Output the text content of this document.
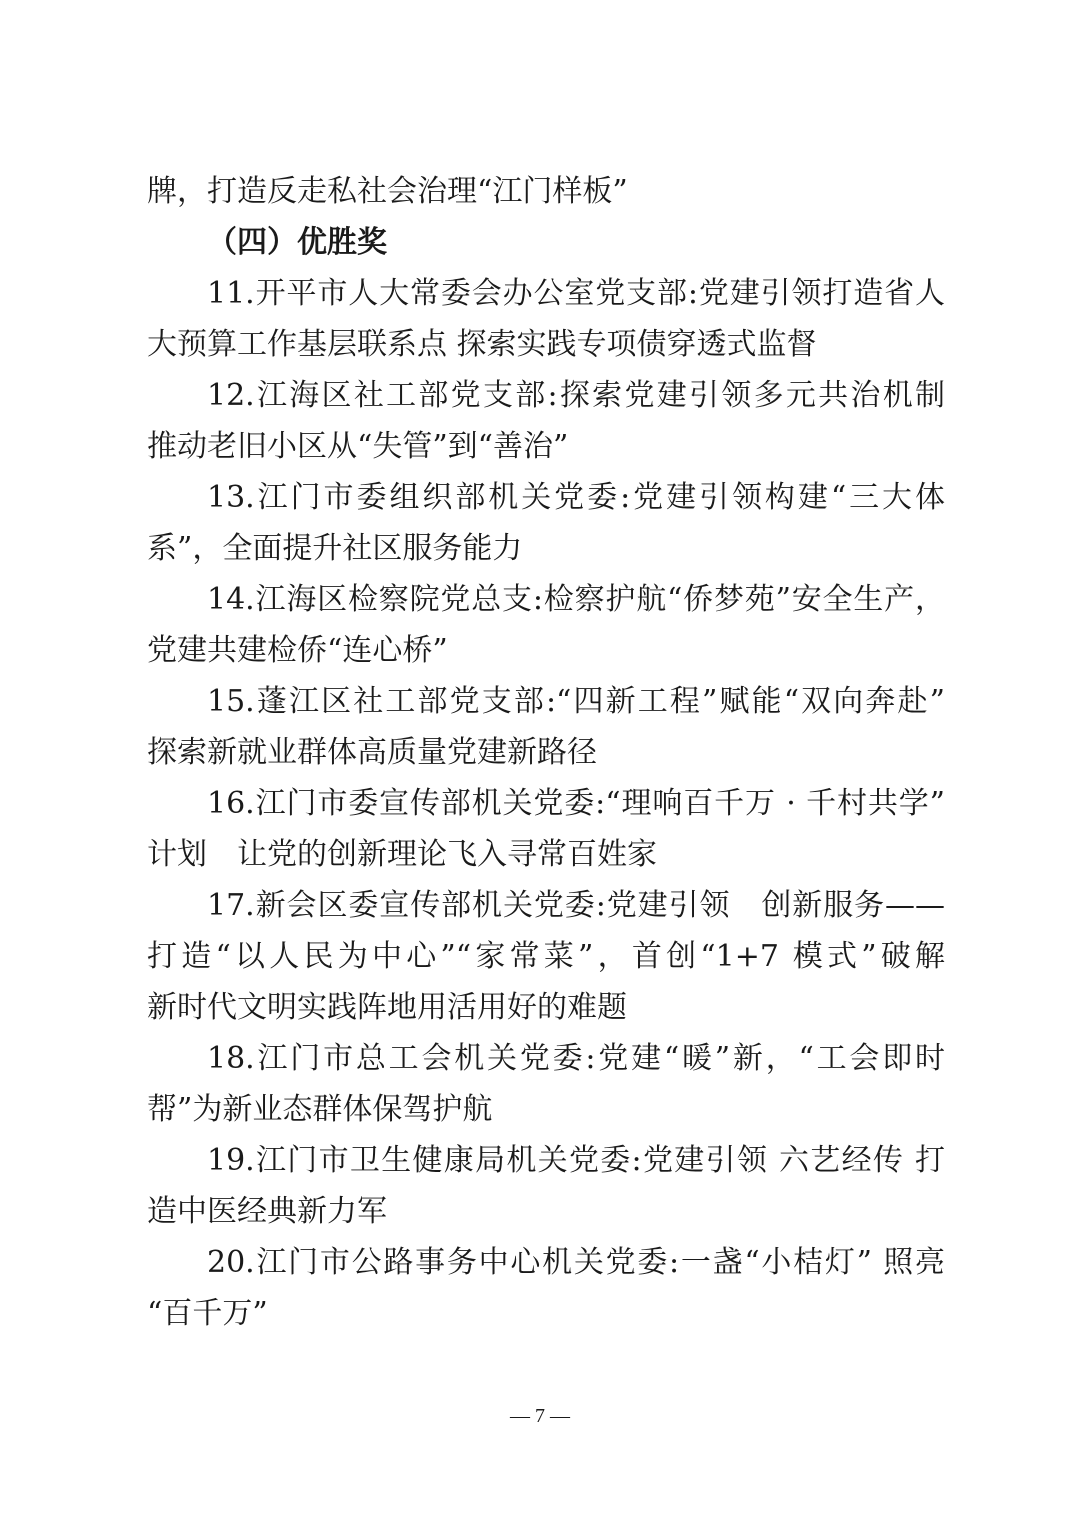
牌，打造反走私社会治理“江门样板”
（四）优胜奖
11.开平市人大常委会办公室党支部:党建引领打造省人
大预算工作基层联系点 探索实践专项债穿透式监督
12.江海区社工部党支部:探索党建引领多元共治机制
推动老旧小区从“失管”到“善治”
13.江门市委组织部机关党委:党建引领构建“三大体
系”，全面提升社区服务能力
14.江海区检察院党总支:检察护航“侨梦苑”安全生产，
党建共建检侨“连心桥”
15.蓬江区社工部党支部:“四新工程”赋能“双向奔赴”
探索新就业群体高质量党建新路径
16.江门市委宣传部机关党委:“理响百千万 · 千村共学”
计划　让党的创新理论飞入寻常百姓家
17.新会区委宣传部机关党委:党建引领　创新服务——
打造“以人民为中心”“家常菜”，首创“1+7 模式”破解
新时代文明实践阵地用活用好的难题
18.江门市总工会机关党委:党建“暖”新，“工会即时
帮”为新业态群体保驾护航
19.江门市卫生健康局机关党委:党建引领 六艺经传 打
造中医经典新力军
20.江门市公路事务中心机关党委:一盏“小桔灯” 照亮
“百千万”
— 7 —
